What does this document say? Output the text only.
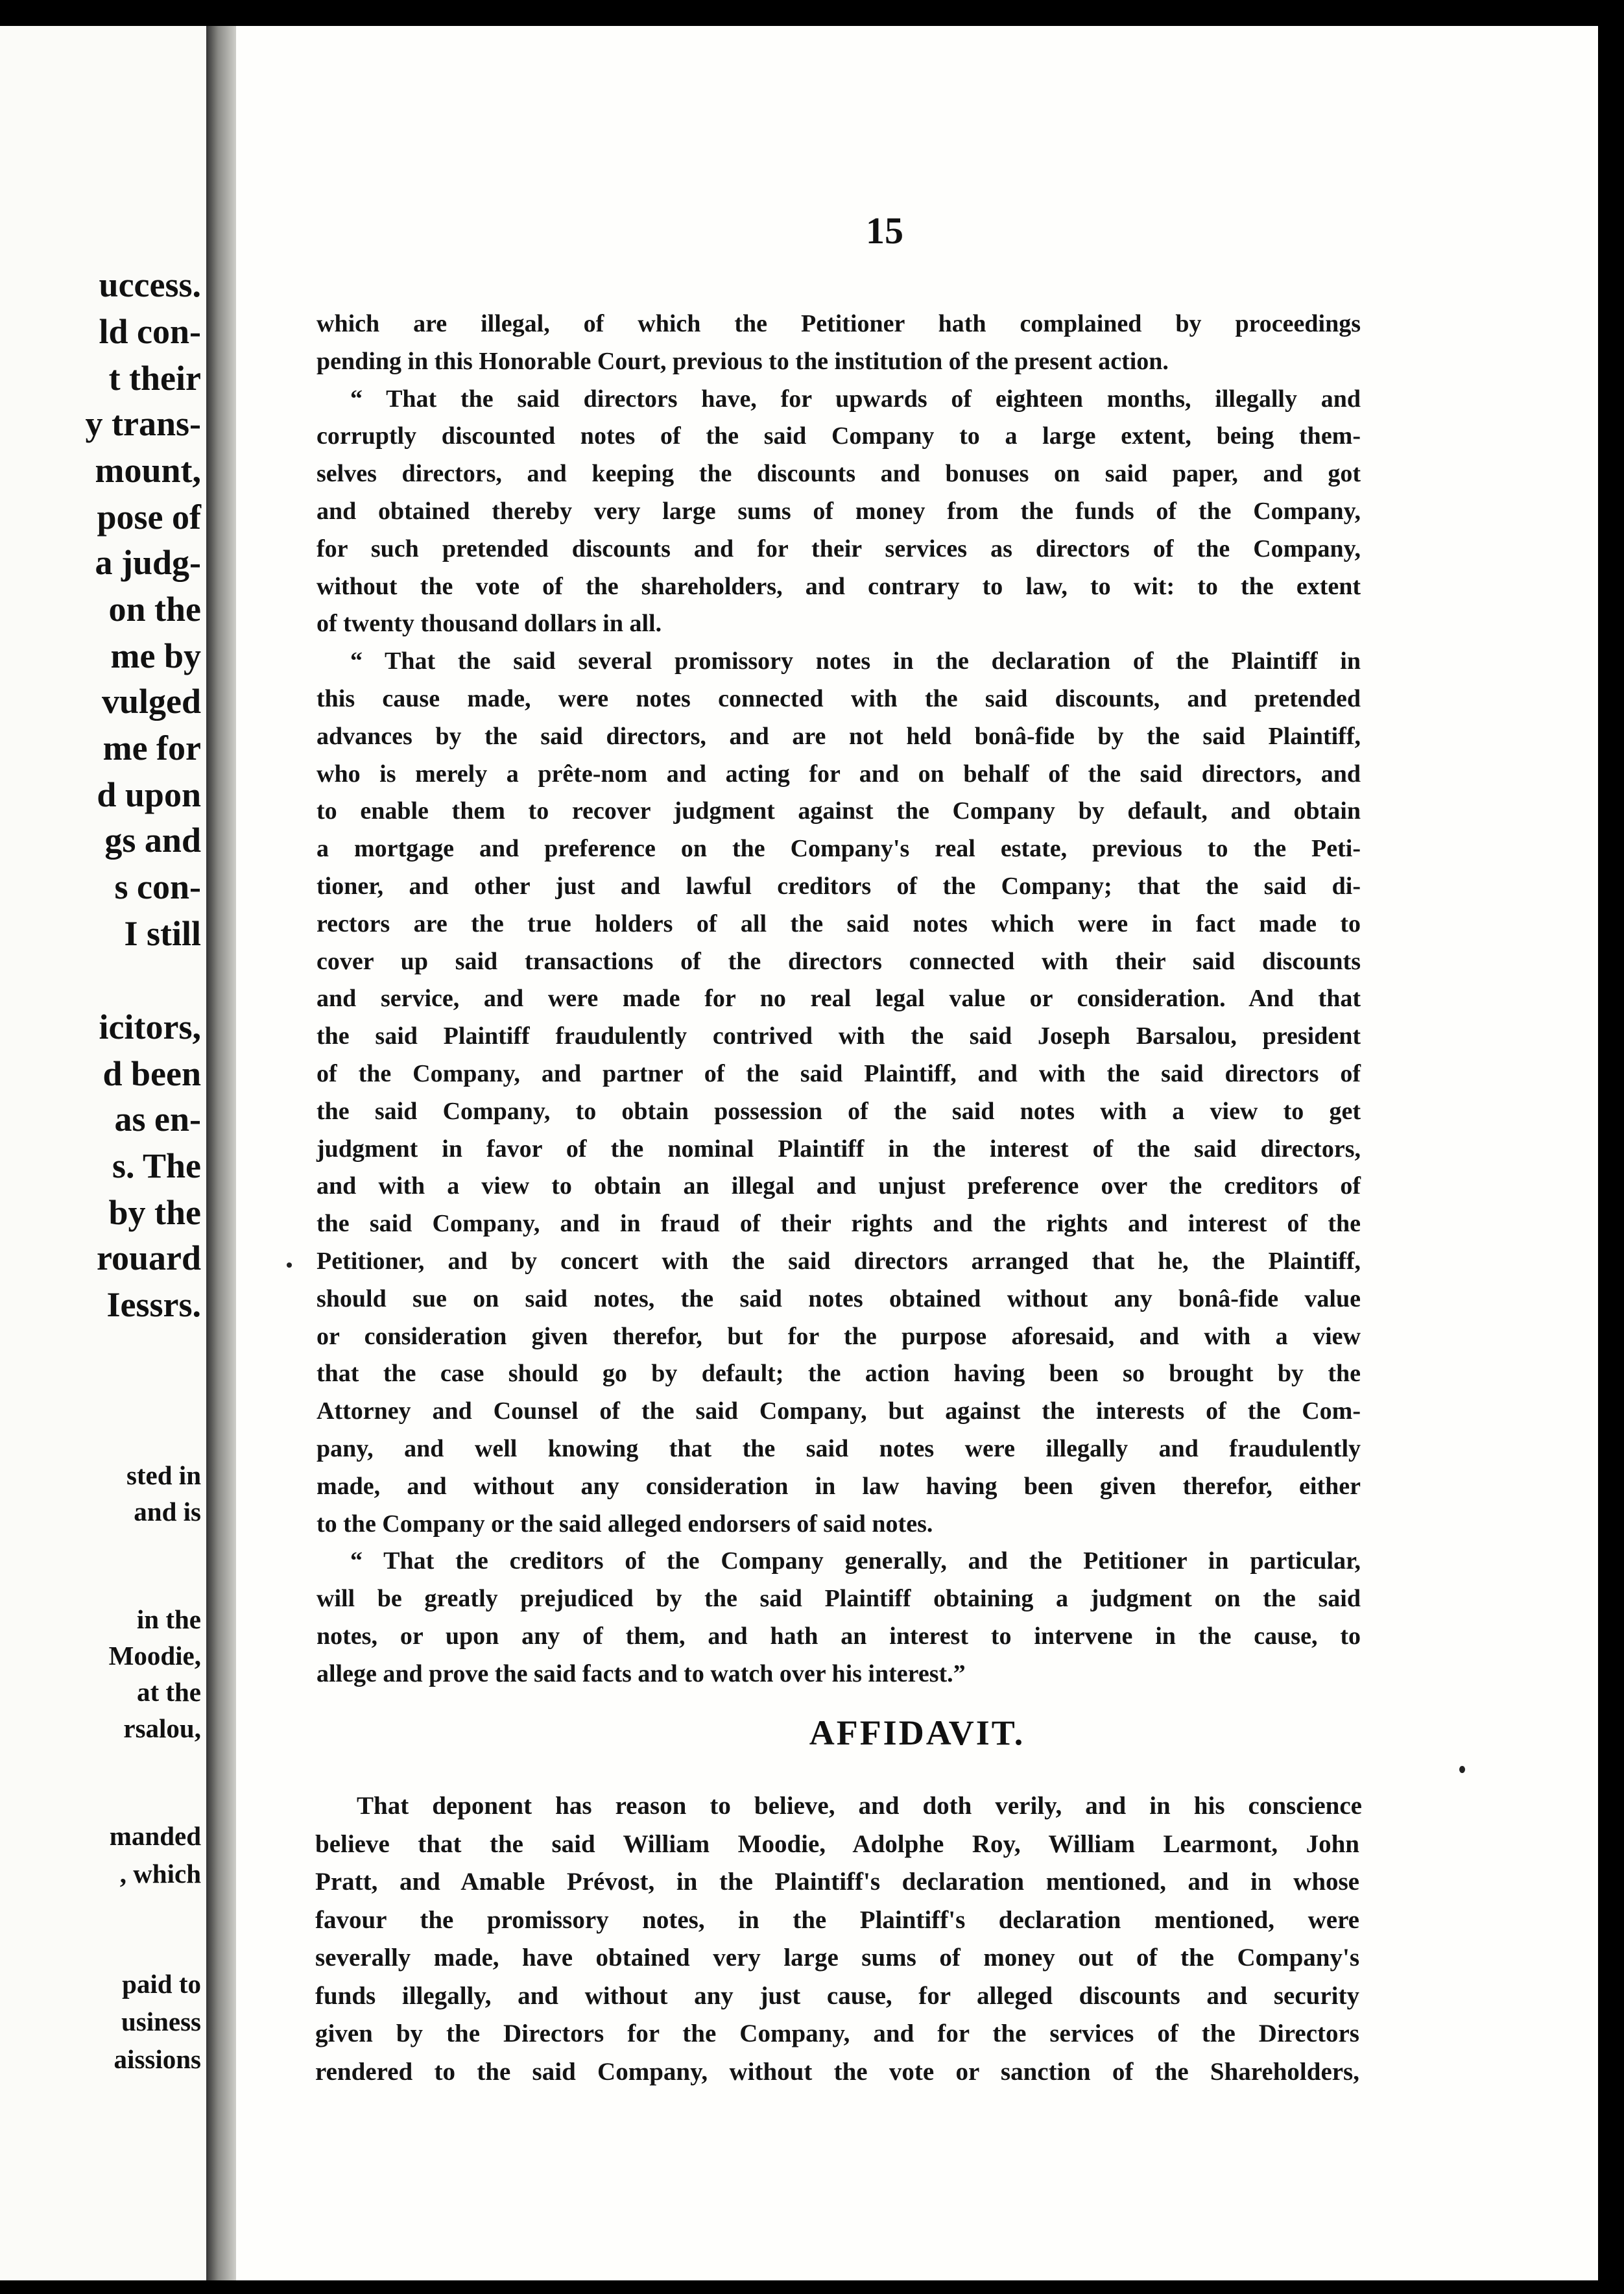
uccess.
ld con-
t their
y trans-
mount,
pose of
a judg-
on the
me by
vulged
me for
d upon
gs and
s con-
I still
icitors,
d been
as en-
s. The
by the
rouard
Iessrs.
sted in
and is
in the
Moodie,
at the
rsalou,
manded
, which
paid to
usiness
aissions
15
which are illegal, of which the Petitioner hath complained by proceedings
pending in this Honorable Court, previous to the institution of the present action.
“ That the said directors have, for upwards of eighteen months, illegally and
corruptly discounted notes of the said Company to a large extent, being them-
selves directors, and keeping the discounts and bonuses on said paper, and got
and obtained thereby very large sums of money from the funds of the Company,
for such pretended discounts and for their services as directors of the Company,
without the vote of the shareholders, and contrary to law, to wit: to the extent
of twenty thousand dollars in all.
“ That the said several promissory notes in the declaration of the Plaintiff in
this cause made, were notes connected with the said discounts, and pretended
advances by the said directors, and are not held bonâ-fide by the said Plaintiff,
who is merely a prête-nom and acting for and on behalf of the said directors, and
to enable them to recover judgment against the Company by default, and obtain
a mortgage and preference on the Company's real estate, previous to the Peti-
tioner, and other just and lawful creditors of the Company; that the said di-
rectors are the true holders of all the said notes which were in fact made to
cover up said transactions of the directors connected with their said discounts
and service, and were made for no real legal value or consideration. And that
the said Plaintiff fraudulently contrived with the said Joseph Barsalou, president
of the Company, and partner of the said Plaintiff, and with the said directors of
the said Company, to obtain possession of the said notes with a view to get
judgment in favor of the nominal Plaintiff in the interest of the said directors,
and with a view to obtain an illegal and unjust preference over the creditors of
the said Company, and in fraud of their rights and the rights and interest of the
Petitioner, and by concert with the said directors arranged that he, the Plaintiff,
should sue on said notes, the said notes obtained without any bonâ-fide value
or consideration given therefor, but for the purpose aforesaid, and with a view
that the case should go by default; the action having been so brought by the
Attorney and Counsel of the said Company, but against the interests of the Com-
pany, and well knowing that the said notes were illegally and fraudulently
made, and without any consideration in law having been given therefor, either
to the Company or the said alleged endorsers of said notes.
“ That the creditors of the Company generally, and the Petitioner in particular,
will be greatly prejudiced by the said Plaintiff obtaining a judgment on the said
notes, or upon any of them, and hath an interest to intervene in the cause, to
allege and prove the said facts and to watch over his interest.”
AFFIDAVIT.
That deponent has reason to believe, and doth verily, and in his conscience
believe that the said William Moodie, Adolphe Roy, William Learmont, John
Pratt, and Amable Prévost, in the Plaintiff's declaration mentioned, and in whose
favour the promissory notes, in the Plaintiff's declaration mentioned, were
severally made, have obtained very large sums of money out of the Company's
funds illegally, and without any just cause, for alleged discounts and security
given by the Directors for the Company, and for the services of the Directors
rendered to the said Company, without the vote or sanction of the Shareholders,
